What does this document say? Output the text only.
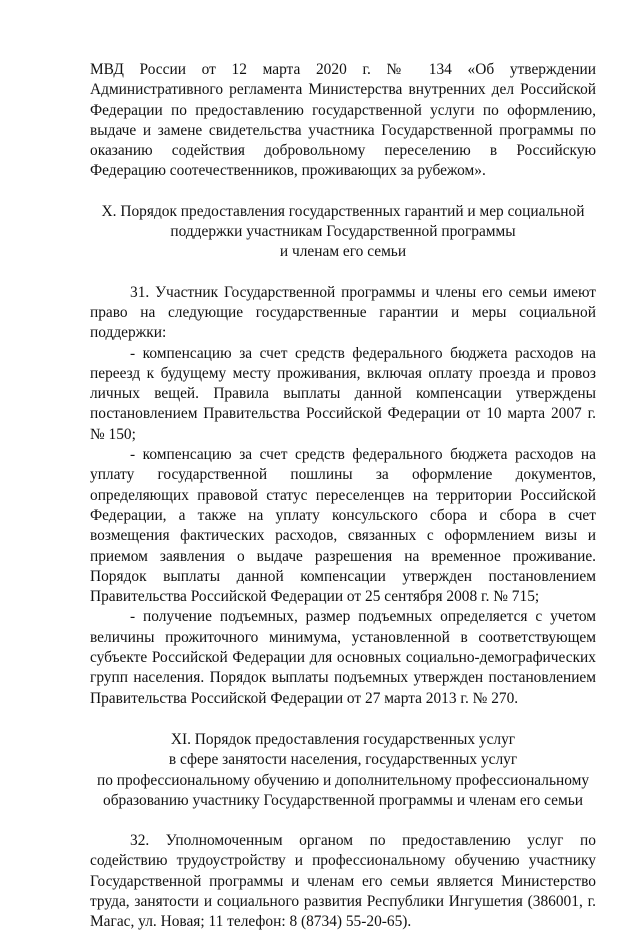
МВД России от 12 марта 2020 г. № 134 «Об утверждении Административного регламента Министерства внутренних дел Российской Федерации по предоставлению государственной услуги по оформлению, выдаче и замене свидетельства участника Государственной программы по оказанию содействия добровольному переселению в Российскую Федерацию соотечественников, проживающих за рубежом».

X. Порядок предоставления государственных гарантий и мер социальной
поддержки участникам Государственной программы
и членам его семьи

31. Участник Государственной программы и члены его семьи имеют право на следующие государственные гарантии и меры социальной поддержки:

- компенсацию за счет средств федерального бюджета расходов на переезд к будущему месту проживания, включая оплату проезда и провоз личных вещей. Правила выплаты данной компенсации утверждены постановлением Правительства Российской Федерации от 10 марта 2007 г. № 150;

- компенсацию за счет средств федерального бюджета расходов на уплату государственной пошлины за оформление документов, определяющих правовой статус переселенцев на территории Российской Федерации, а также на уплату консульского сбора и сбора в счет возмещения фактических расходов, связанных с оформлением визы и приемом заявления о выдаче разрешения на временное проживание. Порядок выплаты данной компенсации утвержден постановлением Правительства Российской Федерации от 25 сентября 2008 г. № 715;

- получение подъемных, размер подъемных определяется с учетом величины прожиточного минимума, установленной в соответствующем субъекте Российской Федерации для основных социально-демографических групп населения. Порядок выплаты подъемных утвержден постановлением Правительства Российской Федерации от 27 марта 2013 г. № 270.

XI. Порядок предоставления государственных услуг
в сфере занятости населения, государственных услуг
по профессиональному обучению и дополнительному профессиональному
образованию участнику Государственной программы и членам его семьи

32. Уполномоченным органом по предоставлению услуг по содействию трудоустройству и профессиональному обучению участнику Государственной программы и членам его семьи является Министерство труда, занятости и социального развития Республики Ингушетия (386001, г. Магас, ул. Новая; 11 телефон: 8 (8734) 55-20-65).
